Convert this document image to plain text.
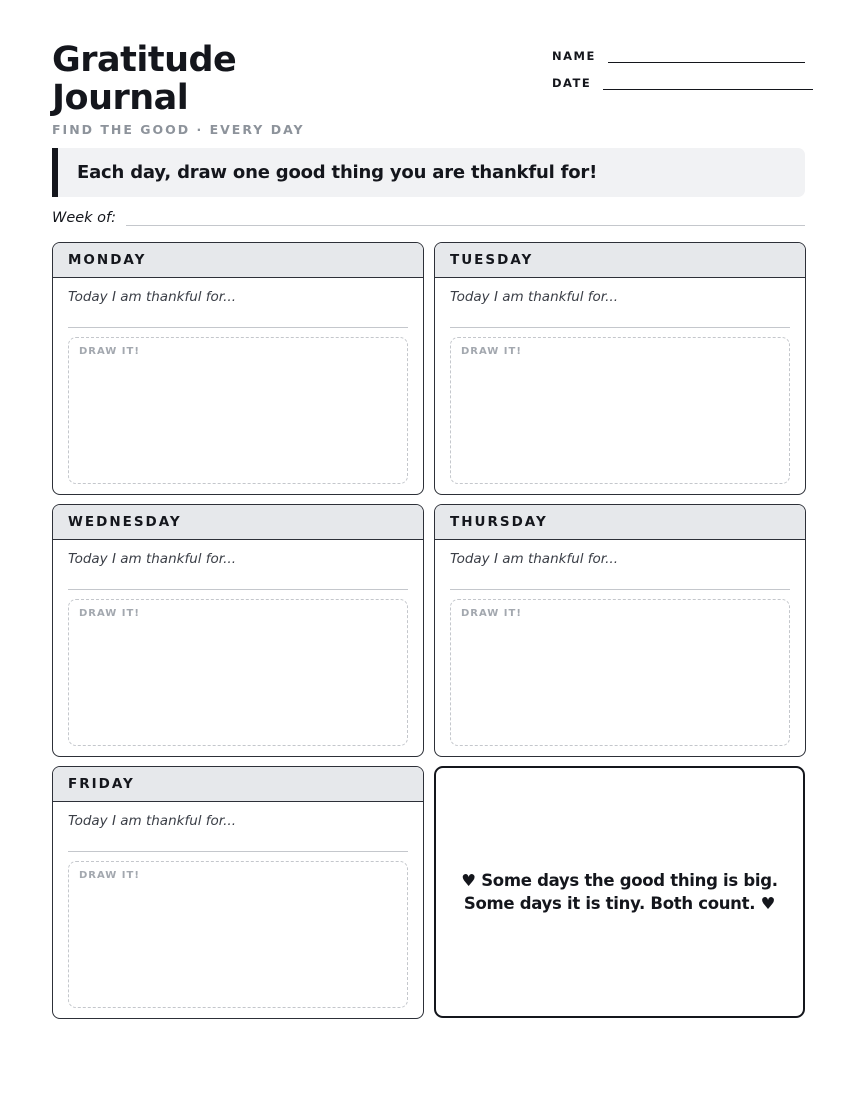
Gratitude
Journal
FIND THE GOOD · EVERY DAY
NAME
DATE
Each day, draw one good thing you are thankful for!
Week of:
MONDAY
Today I am thankful for...
DRAW IT!
TUESDAY
Today I am thankful for...
DRAW IT!
WEDNESDAY
Today I am thankful for...
DRAW IT!
THURSDAY
Today I am thankful for...
DRAW IT!
FRIDAY
Today I am thankful for...
DRAW IT!	♥ Some days the good thing is big.
Some days it is tiny. Both count. ♥
